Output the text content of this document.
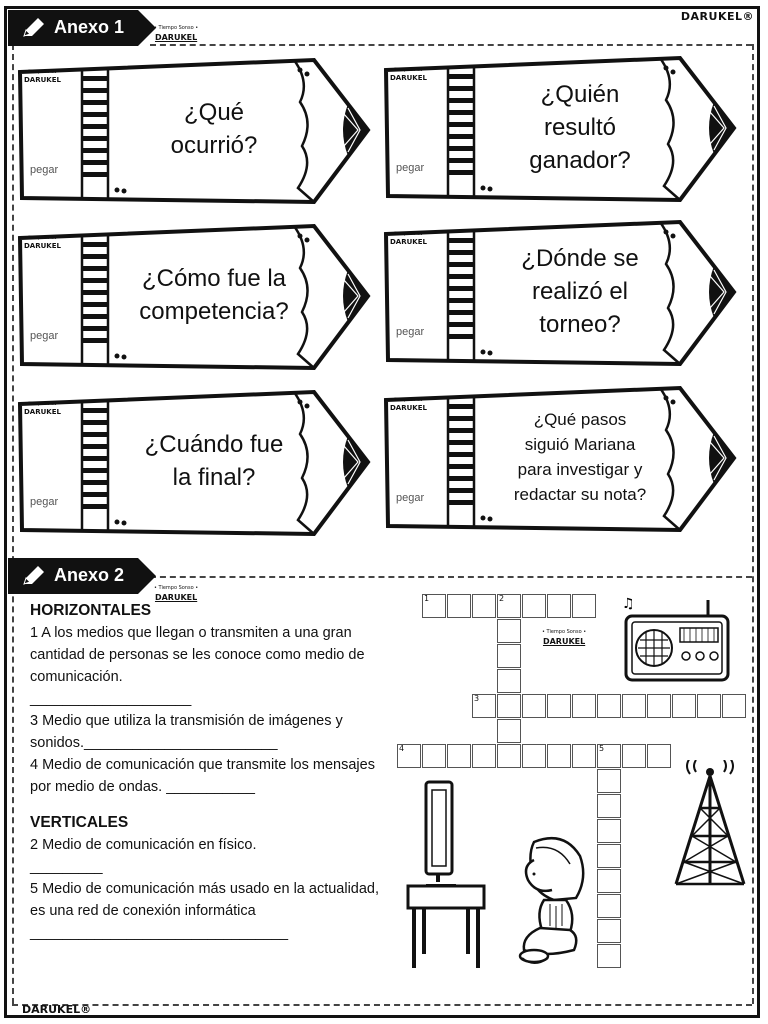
DARUKEL®
Anexo 1	• Tiempo Sonso •
DARUKEL
• Tiempo Sonso •
DARUKEL
pegar
¿Qué
ocurrió?
• Tiempo Sonso •
DARUKEL
pegar
¿Quién
resultó
ganador?
• Tiempo Sonso •
DARUKEL
pegar
¿Cómo fue la
competencia?
• Tiempo Sonso •
DARUKEL
pegar
¿Dónde se
realizó el
torneo?
• Tiempo Sonso •
DARUKEL
pegar
¿Cuándo fue
la final?
• Tiempo Sonso •
DARUKEL
pegar
¿Qué pasos
siguió Mariana
para investigar y
redactar su nota?
Anexo 2
• Tiempo Sonso •
DARUKEL

HORIZONTALES

1 A los medios que llegan o transmiten a una gran cantidad de personas se les conoce como medio de comunicación.

____________________

3 Medio que utiliza la transmisión de imágenes y

sonidos.________________________

4 Medio de comunicación que transmite los mensajes por medio de ondas. ___________

VERTICALES

2 Medio de comunicación en físico.

_________

5 Medio de comunicación más usado en la actualidad, es una red de conexión informática

________________________________

1	2
3
4	5
• Tiempo Sonso •
DARUKEL
♫
DARUKEL®
